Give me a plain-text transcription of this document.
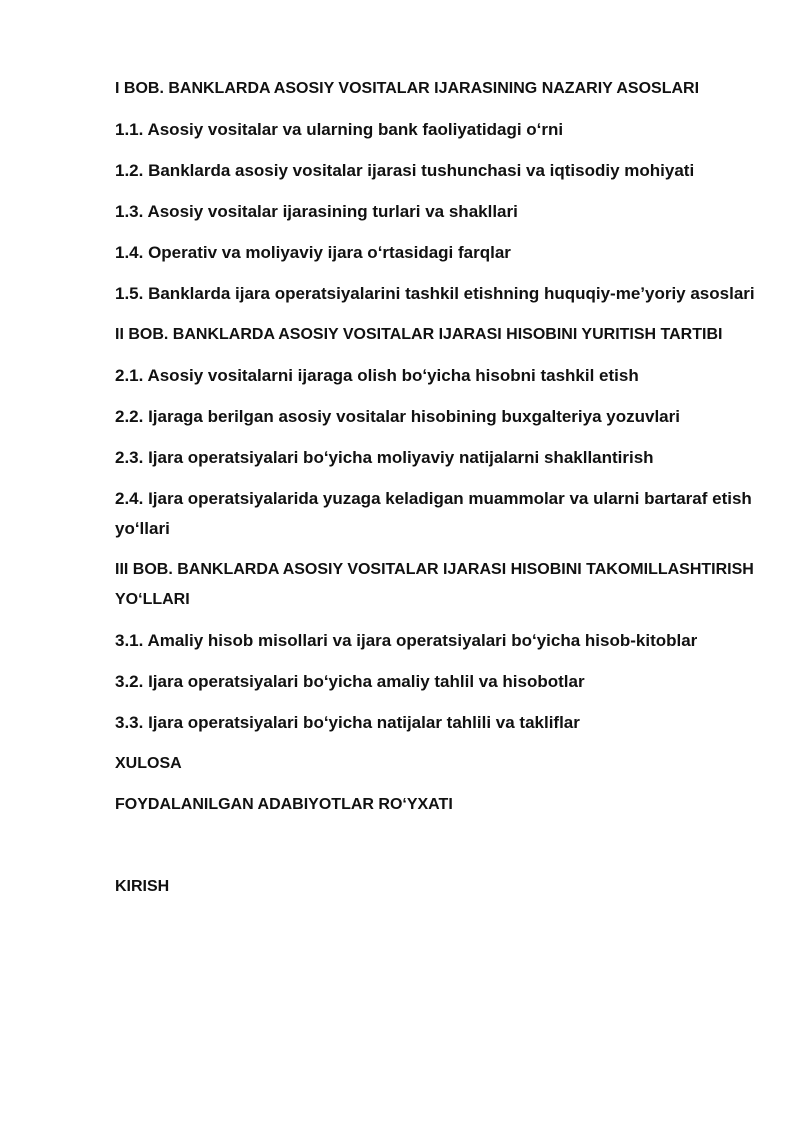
I BOB. BANKLARDA ASOSIY VOSITALAR IJARASINING NAZARIY ASOSLARI
1.1. Asosiy vositalar va ularning bank faoliyatidagi oʻrni
1.2. Banklarda asosiy vositalar ijarasi tushunchasi va iqtisodiy mohiyati
1.3. Asosiy vositalar ijarasining turlari va shakllari
1.4. Operativ va moliyaviy ijara oʻrtasidagi farqlar
1.5. Banklarda ijara operatsiyalarini tashkil etishning huquqiy-meʼyoriy asoslari
II BOB. BANKLARDA ASOSIY VOSITALAR IJARASI HISOBINI YURITISH TARTIBI
2.1. Asosiy vositalarni ijaraga olish boʻyicha hisobni tashkil etish
2.2. Ijaraga berilgan asosiy vositalar hisobining buxgalteriya yozuvlari
2.3. Ijara operatsiyalari boʻyicha moliyaviy natijalarni shakllantirish
2.4. Ijara operatsiyalarida yuzaga keladigan muammolar va ularni bartaraf etish yoʻllari
III BOB. BANKLARDA ASOSIY VOSITALAR IJARASI HISOBINI TAKOMILLASHTIRISH YOʻLLARI
3.1. Amaliy hisob misollari va ijara operatsiyalari boʻyicha hisob-kitoblar
3.2. Ijara operatsiyalari boʻyicha amaliy tahlil va hisobotlar
3.3. Ijara operatsiyalari boʻyicha natijalar tahlili va takliflar
XULOSA
FOYDALANILGAN ADABIYOTLAR ROʻYXATI
KIRISH
